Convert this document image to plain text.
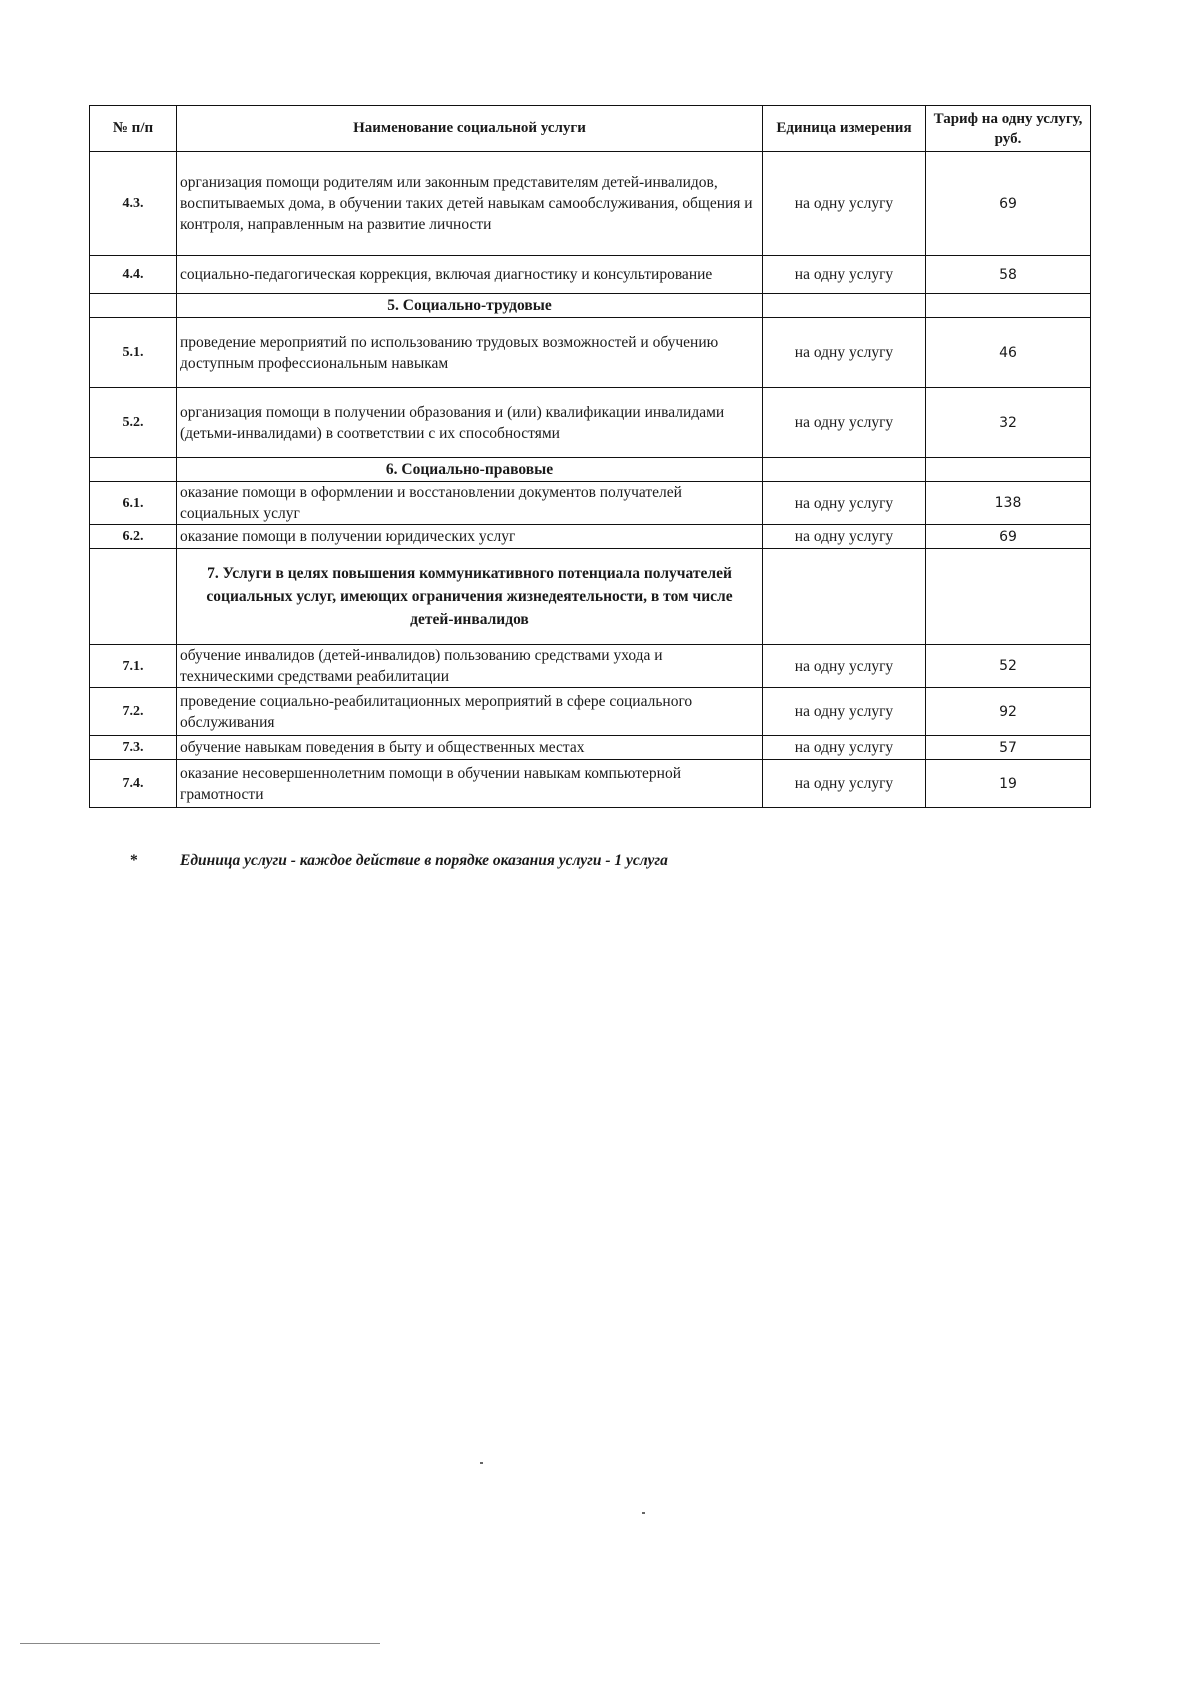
№ п/п	Наименование социальной услуги	Единица измерения	Тариф на одну услугу, руб.
4.3.	организация помощи родителям или законным представителям детей-инвалидов, воспитываемых дома, в обучении таких детей навыкам самообслуживания, общения и контроля, направленным на развитие личности	на одну услугу	69
4.4.	социально-педагогическая коррекция, включая диагностику и консультирование	на одну услугу	58
	5. Социально-трудовые		
5.1.	проведение мероприятий по использованию трудовых возможностей и обучению доступным профессиональным навыкам	на одну услугу	46
5.2.	организация помощи в получении образования и (или) квалификации инвалидами (детьми-инвалидами) в соответствии с их способностями	на одну услугу	32
	6. Социально-правовые		
6.1.	оказание помощи в оформлении и восстановлении документов получателей социальных услуг	на одну услугу	138
6.2.	оказание помощи в получении юридических услуг	на одну услугу	69
	7. Услуги в целях повышения коммуникативного потенциала получателей социальных услуг, имеющих ограничения жизнедеятельности, в том числе детей-инвалидов		
7.1.	обучение инвалидов (детей-инвалидов) пользованию средствами ухода и техническими средствами реабилитации	на одну услугу	52
7.2.	проведение социально-реабилитационных мероприятий в сфере социального обслуживания	на одну услугу	92
7.3.	обучение навыкам поведения в быту и общественных местах	на одну услугу	57
7.4.	оказание несовершеннолетним помощи в обучении навыкам компьютерной грамотности	на одну услугу	19
*	Единица услуги - каждое действие в порядке оказания услуги - 1 услуга
